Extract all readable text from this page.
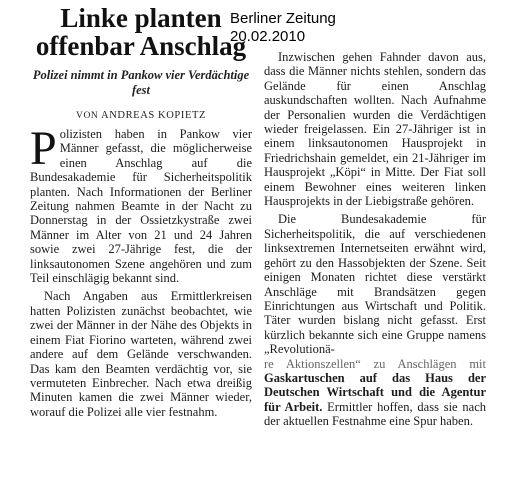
Berliner Zeitung
20.02.2010
Linke planten offenbar Anschlag
Polizei nimmt in Pankow vier Verdächtige fest
VON ANDREAS KOPIETZ

Polizisten haben in Pankow vier Männer gefasst, die möglicherweise einen Anschlag auf die Bundesakademie für Sicherheitspolitik planten. Nach Informationen der Berliner Zeitung nahmen Beamte in der Nacht zu Donnerstag in der Ossietzkystraße zwei Männer im Alter von 21 und 24 Jahren sowie zwei 27-Jährige fest, die der linksautonomen Szene angehören und zum Teil einschlägig bekannt sind.

Nach Angaben aus Ermittlerkreisen hatten Polizisten zunächst beobachtet, wie zwei der Männer in der Nähe des Objekts in einem Fiat Fiorino warteten, während zwei andere auf dem Gelände verschwanden. Das kam den Beamten verdächtig vor, sie vermuteten Einbrecher. Nach etwa dreißig Minuten kamen die zwei Männer wieder, worauf die Polizei alle vier festnahm.

Inzwischen gehen Fahnder davon aus, dass die Männer nichts stehlen, sondern das Gelände für einen Anschlag auskundschaften wollten. Nach Aufnahme der Personalien wurden die Verdächtigen wieder freigelassen. Ein 27-Jähriger ist in einem linksautonomen Hausprojekt in Friedrichshain gemeldet, ein 21-Jähriger im Hausprojekt „Köpi“ in Mitte. Der Fiat soll einem Bewohner eines weiteren linken Hausprojekts in der Liebigstraße gehören.

Die Bundesakademie für Sicherheitspolitik, die auf verschiedenen linksextremen Internetseiten erwähnt wird, gehört zu den Hassobjekten der Szene. Seit einigen Monaten richtet diese verstärkt Anschläge mit Brandsätzen gegen Einrichtungen aus Wirtschaft und Politik. Täter wurden bislang nicht gefasst. Erst kürzlich bekannte sich eine Gruppe namens „Revolutionä-
re Aktionszellen“ zu Anschlägen mit Gaskartuschen auf das Haus der Deutschen Wirtschaft und die Agentur für Arbeit. Ermittler hoffen, dass sie nach der aktuellen Festnahme eine Spur haben.
